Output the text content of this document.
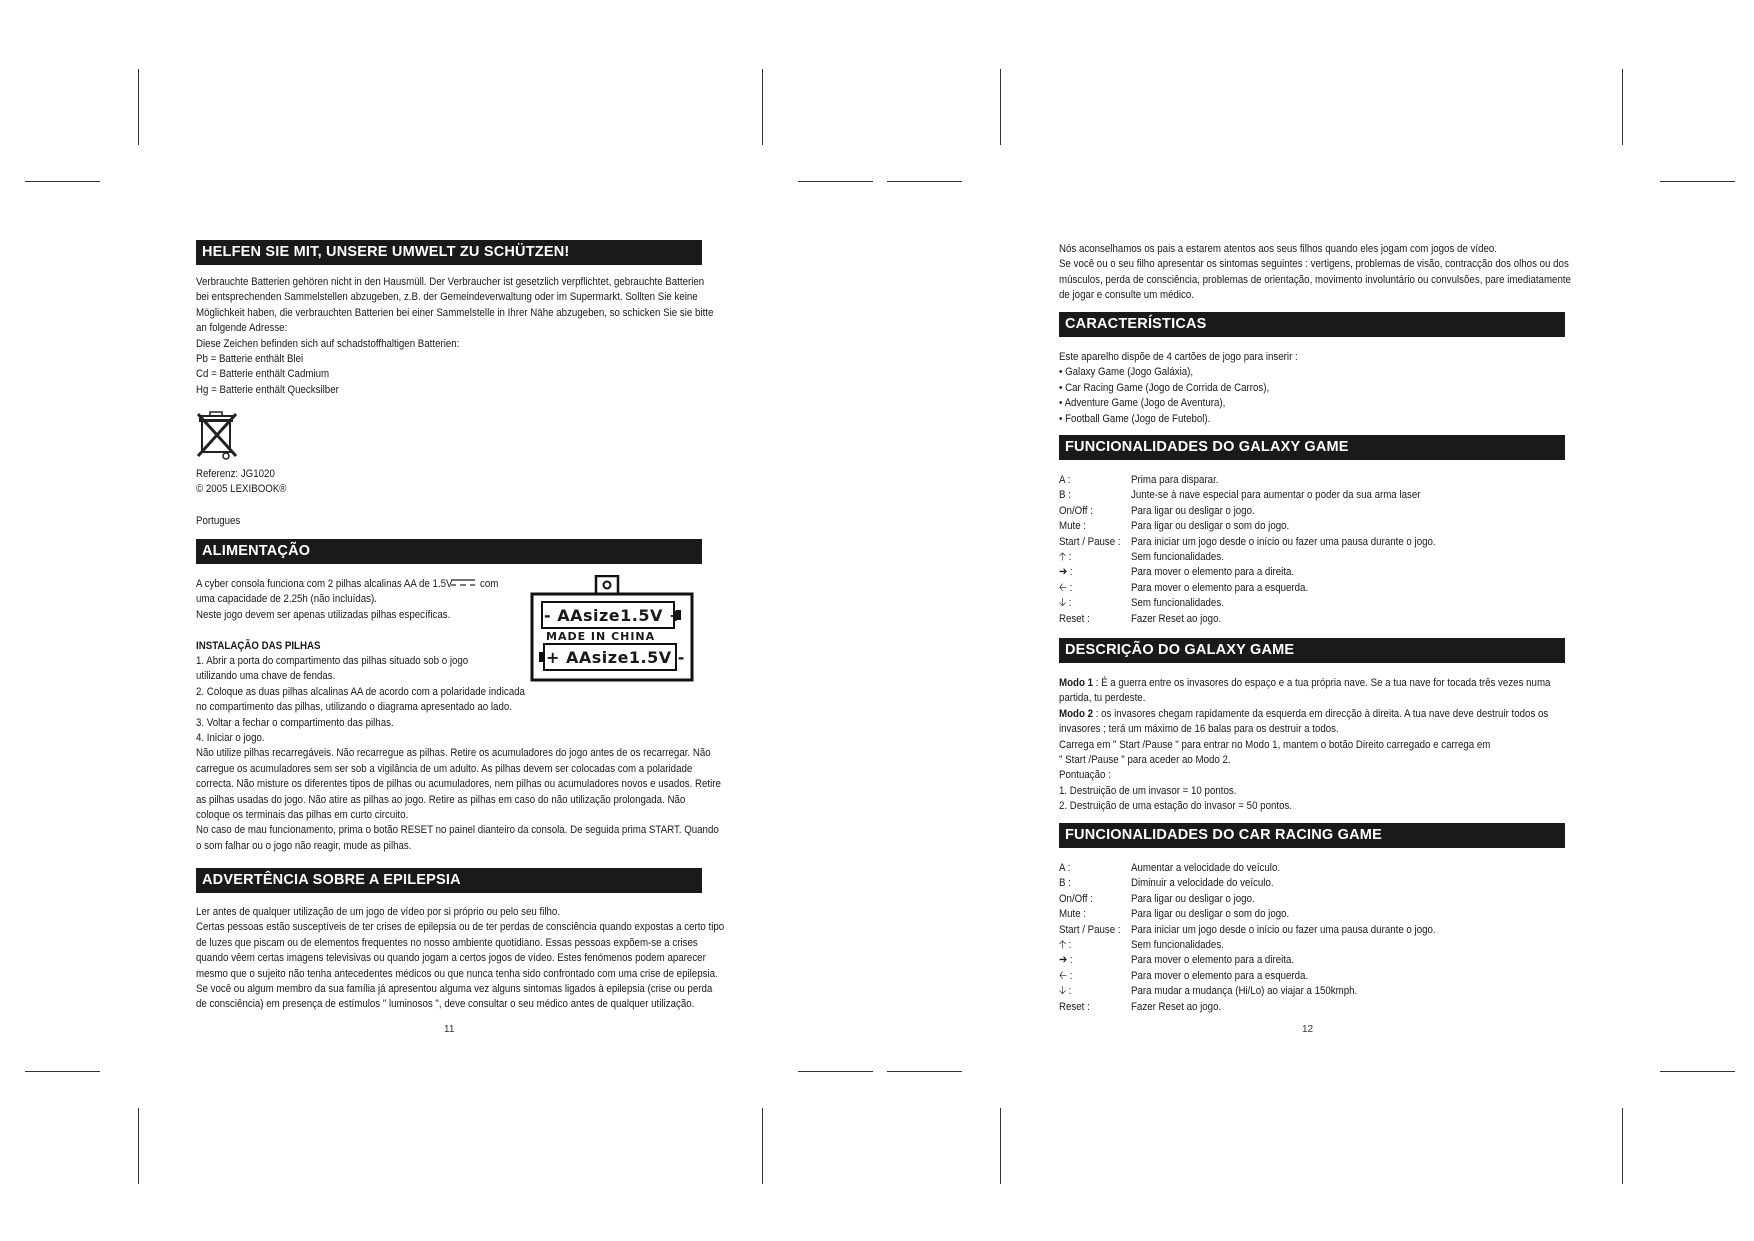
HELFEN SIE MIT, UNSERE UMWELT ZU SCHÜTZEN!
Verbrauchte Batterien gehören nicht in den Hausmüll. Der Verbraucher ist gesetzlich verpflichtet, gebrauchte Batterien
bei entsprechenden Sammelstellen abzugeben, z.B. der Gemeindeverwaltung oder im Supermarkt. Sollten Sie keine
Möglichkeit haben, die verbrauchten Batterien bei einer Sammelstelle in Ihrer Nähe abzugeben, so schicken Sie sie bitte
an folgende Adresse:
Diese Zeichen befinden sich auf schadstoffhaltigen Batterien:
Pb = Batterie enthält Blei
Cd = Batterie enthält Cadmium
Hg = Batterie enthält Quecksilber
Referenz: JG1020
© 2005 LEXIBOOK®
Portugues
ALIMENTAÇÃO
A cyber consola funciona com 2 pilhas alcalinas AA de 1.5V
uma capacidade de 2.25h (não incluídas).
Neste jogo devem ser apenas utilizadas pilhas específicas.
com
- AAsize1.5V +
MADE IN CHINA
+ AAsize1.5V -
INSTALAÇÃO DAS PILHAS
1. Abrir a porta do compartimento das pilhas situado sob o jogo
utilizando uma chave de fendas.
2. Coloque as duas pilhas alcalinas AA de acordo com a polaridade indicada
no compartimento das pilhas, utilizando o diagrama apresentado ao lado.
3. Voltar a fechar o compartimento das pilhas.
4. Iniciar o jogo.
Não utilize pilhas recarregáveis. Não recarregue as pilhas. Retire os acumuladores do jogo antes de os recarregar. Não
carregue os acumuladores sem ser sob a vigilância de um adulto. As pilhas devem ser colocadas com a polaridade
correcta. Não misture os diferentes tipos de pilhas ou acumuladores, nem pilhas ou acumuladores novos e usados. Retire
as pilhas usadas do jogo. Não atire as pilhas ao jogo. Retire as pilhas em caso do não utilização prolongada. Não
coloque os terminais das pilhas em curto circuito.
No caso de mau funcionamento, prima o botão RESET no painel dianteiro da consola. De seguida prima START. Quando
o som falhar ou o jogo não reagir, mude as pilhas.
ADVERTÊNCIA SOBRE A EPILEPSIA
Ler antes de qualquer utilização de um jogo de vídeo por si próprio ou pelo seu filho.
Certas pessoas estão susceptíveis de ter crises de epilepsia ou de ter perdas de consciência quando expostas a certo tipo
de luzes que piscam ou de elementos frequentes no nosso ambiente quotidiano. Essas pessoas expõem-se a crises
quando vêem certas imagens televisivas ou quando jogam a certos jogos de vídeo. Estes fenómenos podem aparecer
mesmo que o sujeito não tenha antecedentes médicos ou que nunca tenha sido confrontado com uma crise de epilepsia.
Se você ou algum membro da sua família já apresentou alguma vez alguns sintomas ligados à epilepsia (crise ou perda
de consciência) em presença de estímulos " luminosos ", deve consultar o seu médico antes de qualquer utilização.
11
Nós aconselhamos os pais a estarem atentos aos seus filhos quando eles jogam com jogos de vídeo.
Se você ou o seu filho apresentar os sintomas seguintes : vertigens, problemas de visão, contracção dos olhos ou dos
músculos, perda de consciência, problemas de orientação, movimento involuntário ou convulsões, pare imediatamente
de jogar e consulte um médico.
CARACTERÍSTICAS
Este aparelho dispõe de 4 cartões de jogo para inserir :
• Galaxy Game (Jogo Galáxia),
• Car Racing Game (Jogo de Corrida de Carros),
• Adventure Game (Jogo de Aventura),
• Football Game (Jogo de Futebol).
FUNCIONALIDADES DO GALAXY GAME
A :	Prima para disparar.
B :	Junte-se à nave especial para aumentar o poder da sua arma laser
On/Off :	Para ligar ou desligar o jogo.
Mute :	Para ligar ou desligar o som do jogo.
Start / Pause : Para iniciar um jogo desde o início ou fazer uma pausa durante o jogo.
🡡 :	Sem funcionalidades.
➔ :	Para mover o elemento para a direita.
🡠 :	Para mover o elemento para a esquerda.
🡣 :	Sem funcionalidades.
Reset :	Fazer Reset ao jogo.
DESCRIÇÃO DO GALAXY GAME
Modo 1 : É a guerra entre os invasores do espaço e a tua própria nave. Se a tua nave for tocada três vezes numa
partida, tu perdeste.
Modo 2 : os invasores chegam rapidamente da esquerda em direcção à direita. A tua nave deve destruir todos os
invasores ; terá um máximo de 16 balas para os destruir a todos.
Carrega em " Start /Pause " para entrar no Modo 1, mantem o botão Direito carregado e carrega em
" Start /Pause " para aceder ao Modo 2.
Pontuação :
1. Destruição de um invasor = 10 pontos.
2. Destruição de uma estação do invasor = 50 pontos.
FUNCIONALIDADES DO CAR RACING GAME
A :	Aumentar a velocidade do veículo.
B :	Diminuir a velocidade do veículo.
On/Off :	Para ligar ou desligar o jogo.
Mute :	Para ligar ou desligar o som do jogo.
Start / Pause : Para iniciar um jogo desde o início ou fazer uma pausa durante o jogo.
🡡 :	Sem funcionalidades.
➔ :	Para mover o elemento para a direita.
🡠 :	Para mover o elemento para a esquerda.
🡣 :	Para mudar a mudança (Hi/Lo) ao viajar a 150kmph.
Reset :	Fazer Reset ao jogo.
12
